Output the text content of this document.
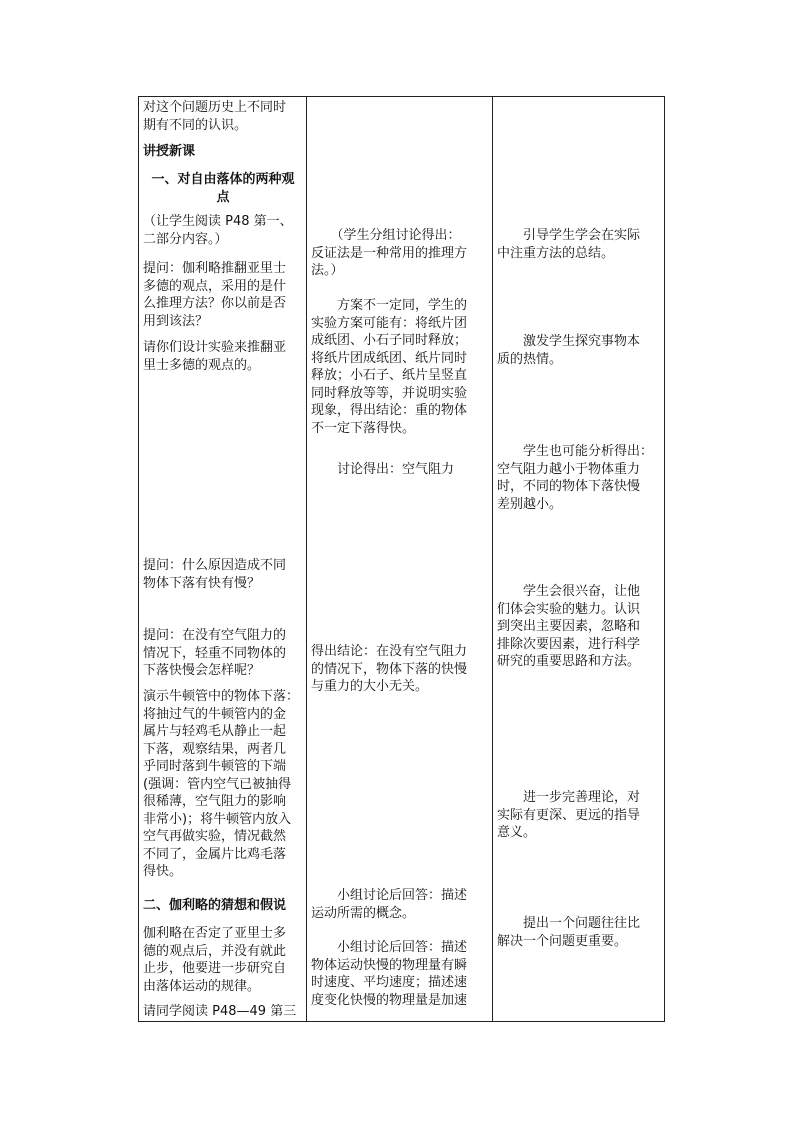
对这个问题历史上不同时
期有不同的认识。

讲授新课

一、对自由落体的两种观
点

（让学生阅读 P48 第一、
二部分内容。）

提问：伽利略推翻亚里士
多德的观点，采用的是什
么推理方法？你以前是否
用到该法？

请你们设计实验来推翻亚
里士多德的观点的。

提问：什么原因造成不同
物体下落有快有慢？

提问：在没有空气阻力的
情况下，轻重不同物体的
下落快慢会怎样呢？

演示牛顿管中的物体下落：
将抽过气的牛顿管内的金
属片与轻鸡毛从静止一起
下落，观察结果，两者几
乎同时落到牛顿管的下端
(强调：管内空气已被抽得
很稀薄，空气阻力的影响
非常小)；将牛顿管内放入
空气再做实验，情况截然
不同了，金属片比鸡毛落
得快。

二、伽利略的猜想和假说

伽利略在否定了亚里士多
德的观点后，并没有就此
止步，他要进一步研究自
由落体运动的规律。

请同学阅读 P48—49 第三

　　（学生分组讨论得出：
反证法是一种常用的推理方
法。）

　　方案不一定同，学生的
实验方案可能有：将纸片团
成纸团、小石子同时释放；
将纸片团成纸团、纸片同时
释放；小石子、纸片呈竖直
同时释放等等，并说明实验
现象，得出结论：重的物体
不一定下落得快。

　　讨论得出：空气阻力

得出结论：在没有空气阻力
的情况下，物体下落的快慢
与重力的大小无关。

　　小组讨论后回答：描述
运动所需的概念。

　　小组讨论后回答：描述
物体运动快慢的物理量有瞬
时速度、平均速度；描述速
度变化快慢的物理量是加速

　　引导学生学会在实际
中注重方法的总结。

　　激发学生探究事物本
质的热情。

　　学生也可能分析得出：
空气阻力越小于物体重力
时，不同的物体下落快慢
差别越小。

　　学生会很兴奋，让他
们体会实验的魅力。认识
到突出主要因素，忽略和
排除次要因素，进行科学
研究的重要思路和方法。

　　进一步完善理论，对
实际有更深、更远的指导
意义。

　　提出一个问题往往比
解决一个问题更重要。
